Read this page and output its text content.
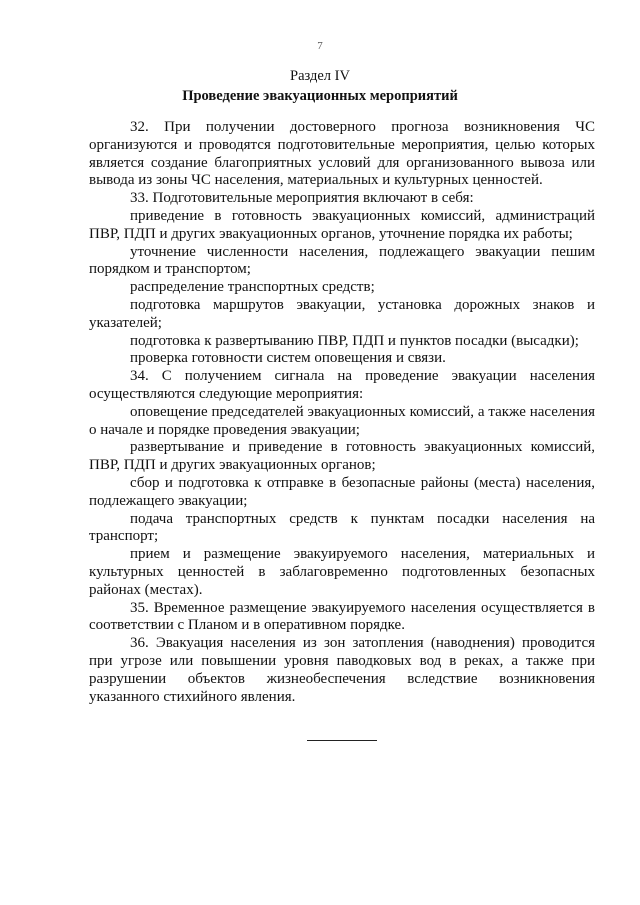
7
Раздел IV
Проведение эвакуационных мероприятий

32. При получении достоверного прогноза возникновения ЧС организуются и проводятся подготовительные мероприятия, целью которых является создание благоприятных условий для организованного вывоза или вывода из зоны ЧС населения, материальных и культурных ценностей.

33. Подготовительные мероприятия включают в себя:

приведение в готовность эвакуационных комиссий, администраций ПВР, ПДП и других эвакуационных органов, уточнение порядка их работы;

уточнение численности населения, подлежащего эвакуации пешим порядком и транспортом;

распределение транспортных средств;

подготовка маршрутов эвакуации, установка дорожных знаков и указателей;

подготовка к развертыванию ПВР, ПДП и пунктов посадки (высадки);

проверка готовности систем оповещения и связи.

34. С получением сигнала на проведение эвакуации населения осуществляются следующие мероприятия:

оповещение председателей эвакуационных комиссий, а также населения о начале и порядке проведения эвакуации;

развертывание и приведение в готовность эвакуационных комиссий, ПВР, ПДП и других эвакуационных органов;

сбор и подготовка к отправке в безопасные районы (места) населения, подлежащего эвакуации;

подача транспортных средств к пунктам посадки населения на транспорт;

прием и размещение эвакуируемого населения, материальных и культурных ценностей в заблаговременно подготовленных безопасных районах (местах).

35. Временное размещение эвакуируемого населения осуществляется в соответствии с Планом и в оперативном порядке.

36. Эвакуация населения из зон затопления (наводнения) проводится при угрозе или повышении уровня паводковых вод в реках, а также при разрушении объектов жизнеобеспечения вследствие возникновения указанного стихийного явления.
